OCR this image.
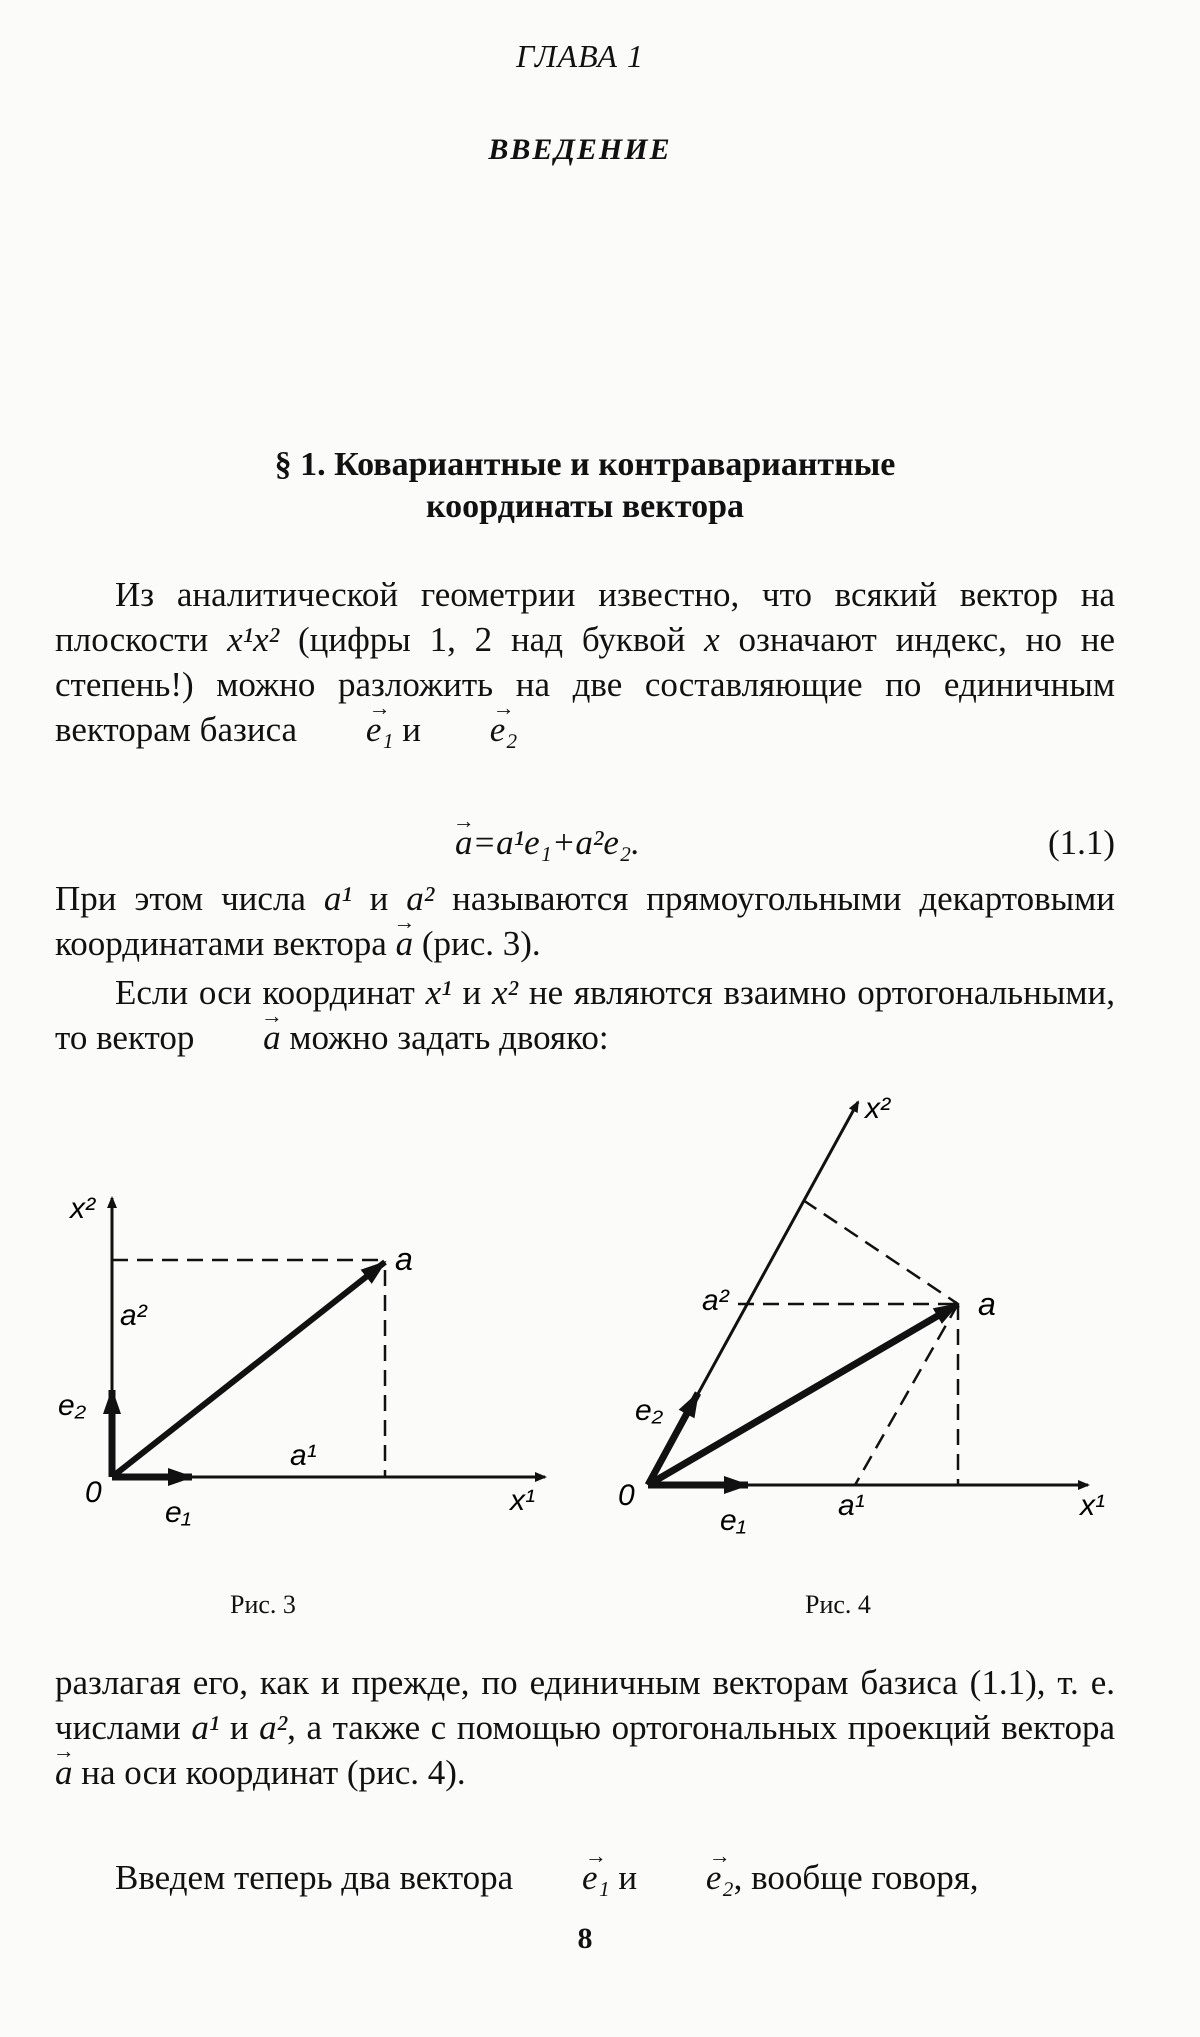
ГЛАВА 1
ВВЕДЕНИЕ
§ 1. Ковариантные и контравариантные
координаты вектора
Из аналитической геометрии известно, что всякий вектор на плоскости x¹x² (цифры 1, 2 над буквой x означают индекс, но не степень!) можно разложить на две составляющие по единичным векторам базиса → e₁ и → e₂
→ a=a¹e₁+a²e₂.	(1.1)
При этом числа a¹ и a² называются прямоугольными декартовыми координатами вектора → a (рис. 3).
Если оси координат x¹ и x² не являются взаимно ортогональными, то вектор → a можно задать двояко:
x²
a
a²
e₂
a¹
0
e₁	x¹
x²
a²	a
e₂
0
e₁	a¹	x¹
Рис. 3	Рис. 4
разлагая его, как и прежде, по единичным векторам базиса (1.1), т. е. числами a¹ и a², а также с помощью ортогональных проекций вектора → a на оси координат (рис. 4).
Введем теперь два вектора → e₁ и → e₂, вообще говоря,
8
